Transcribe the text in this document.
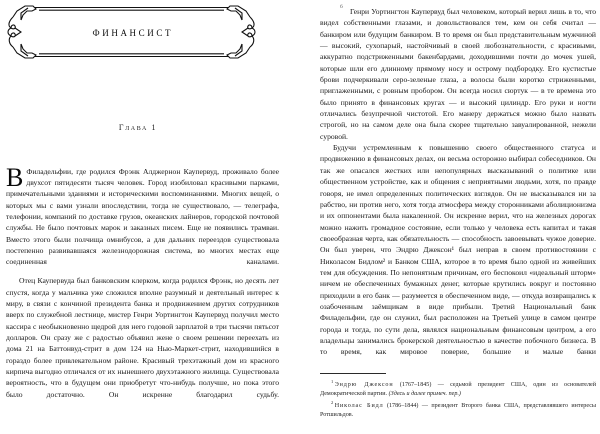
финансист
Глава 1

В Филадельфии, где родился Фрэнк Алджернон Каупервуд, проживало более двухсот пятидесяти тысяч человек. Город изобиловал красивыми парками, примечательными зданиями и историческими воспоминаниями. Многих вещей, о которых мы с вами узнали впоследствии, тогда не существовало, — телеграфа, телефонии, компаний по доставке грузов, океанских лайнеров, городской почтовой службы. Не было почтовых марок и заказных писем. Еще не появились трамваи. Вместо этого были полчища омнибусов, а для дальних переездов существовала постепенно развивавшаяся железнодорожная система, во многих местах еще соединенная каналами.

Отец Каупервуда был банковским клерком, когда родился Фрэнк, но десять лет спустя, когда у мальчика уже сложился вполне разумный и деятельный интерес к миру, в связи с кончиной президента банка и продвижением других сотрудников вверх по служебной лестнице, мистер Генри Уортингтон Каупервуд получил место кассира с необыкновенно щедрой для него годовой зарплатой в три тысячи пятьсот долларов. Он сразу же с радостью объявил жене о своем решении переехать из дома 21 на Баттонвуд-стрит в дом 124 на Нью-Маркет-стрит, находившийся в гораздо более привлекательном районе. Красивый трехэтажный дом из красного кирпича выгодно отличался от их нынешнего двухэтажного жилища. Существовала вероятность, что в будущем они приобретут что-нибудь получше, но пока этого было достаточно. Он искренне благодарил судьбу.

6 Генри Уортингтон Каупервуд был человеком, который верил лишь в то, что видел собственными глазами, и довольствовался тем, кем он себя считал — банкиром или будущим банкиром. В то время он был представительным мужчиной — высокий, сухопарый, настойчивый в своей любознательности, с красивыми, аккуратно подстриженными бакенбардами, доходившими почти до мочек ушей, которые шли его длинному прямому носу и острому подбородку. Его кустистые брови подчеркивали серо-зеленые глаза, а волосы были коротко стриженными, приглаженными, с ровным пробором. Он всегда носил сюртук — в те времена это было принято в финансовых кругах — и высокий цилиндр. Его руки и ногти отличались безупречной чистотой. Его манеру держаться можно было назвать строгой, но на самом деле она была скорее тщательно завуалированной, нежели суровой.

Будучи устремленным к повышению своего общественного статуса и продвижению в финансовых делах, он весьма осторожно выбирал собеседников. Он так же опасался жестких или непопулярных высказываний о политике или общественном устройстве, как и общения с неприятными людьми, хотя, по правде говоря, не имел определенных политических взглядов. Он не высказывался ни за рабство, ни против него, хотя тогда атмосфера между сторонниками аболиционизма и их оппонентами была накаленной. Он искренне верил, что на железных дорогах можно нажить громадное состояние, если только у человека есть капитал и такая своеобразная черта, как обязательность — способность завоевывать чужое доверие. Он был уверен, что Эндрю Джексон¹ был неправ в своем противостоянии с Николасом Бидлом² и Банком США, которое в то время было одной из живейших тем для обсуждения. По непонятным причинам, его беспокоил «идеальный шторм» ничем не обеспеченных бумажных денег, которые крутились вокруг и постоянно приходили в его банк — разумеется в обеспеченном виде, — откуда возвращались к озабоченным заёмщикам в виде прибыли. Третий Национальный банк Филадельфии, где он служил, был расположен на Третьей улице в самом центре города и тогда, по сути дела, являлся национальным финансовым центром, а его владельцы занимались брокерской деятельностью в качестве побочного бизнеса. В то время, как мировое поверие, большие и малые банки

$^1$Эндрю Джексон (1767–1845) — седьмой президент США, один из основателей Демократической партии. (Здесь и далее примеч. пер.)

$^2$Николас Бидл (1786–1844) — президент Второго банка США, представлявшего интересы Ротшильдов.
